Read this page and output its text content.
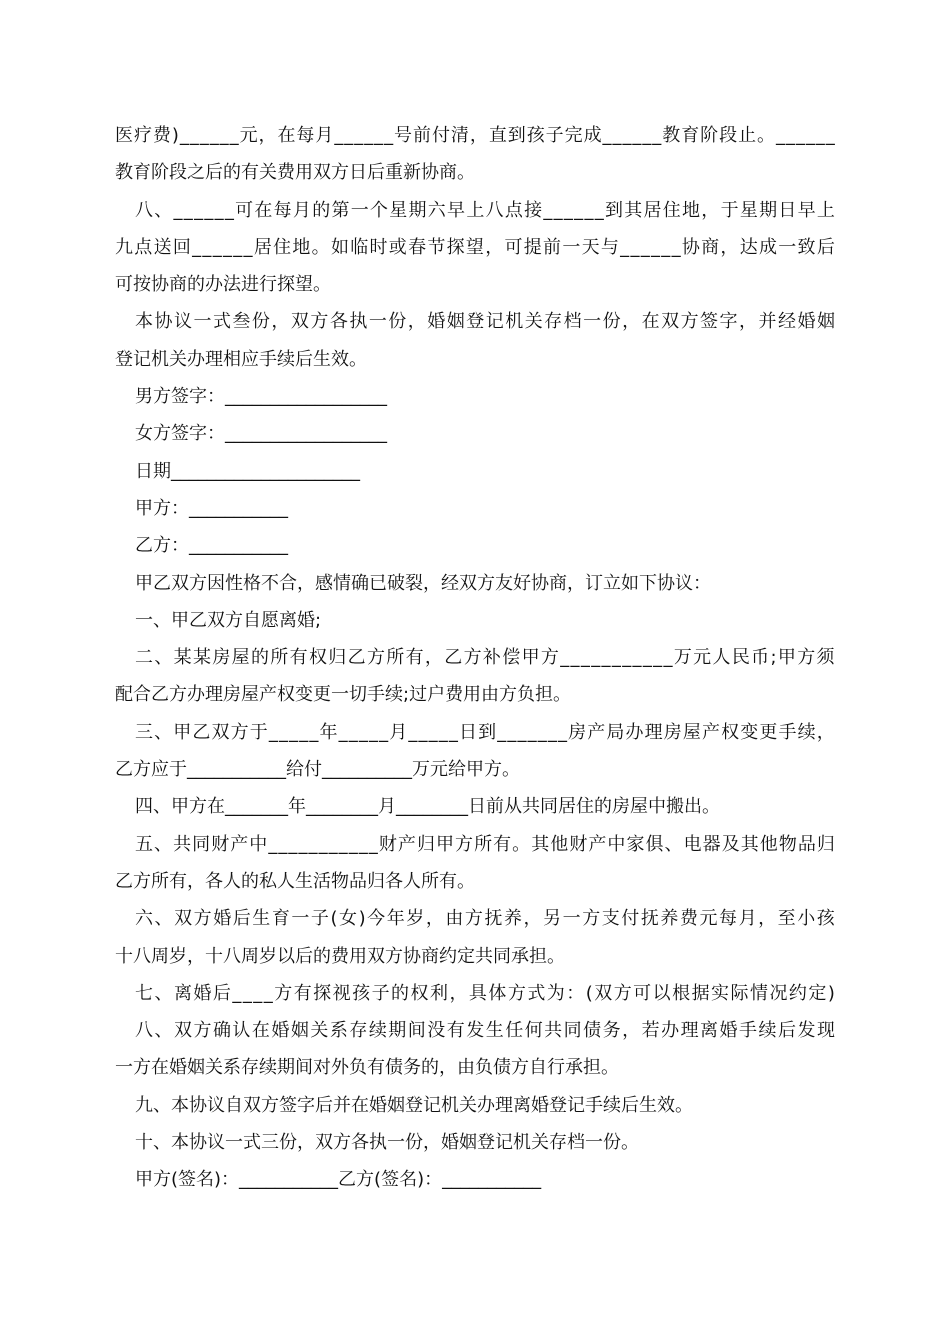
医 疗 费 ) _ _ _ _ _ _ 元 ， 在 每 月 _ _ _ _ _ _ 号 前 付 清 ， 直 到 孩 子 完 成 _ _ _ _ _ _ 教 育 阶 段 止 。 _ _ _ _ _ _
教育阶段之后的有关费用双方日后重新协商。
八 、 _ _ _ _ _ _ 可 在 每 月 的 第 一 个 星 期 六 早 上 八 点 接 _ _ _ _ _ _ 到 其 居 住 地 ， 于 星 期 日 早 上
九 点 送 回 _ _ _ _ _ _ 居 住 地 。 如 临 时 或 春 节 探 望 ， 可 提 前 一 天 与 _ _ _ _ _ _ 协 商 ， 达 成 一 致 后
可按协商的办法进行探望。
本 协 议 一 式 叁 份 ， 双 方 各 执 一 份 ， 婚 姻 登 记 机 关 存 档 一 份 ， 在 双 方 签 字 ， 并 经 婚 姻
登记机关办理相应手续后生效。
男方签字：__________________
女方签字：__________________
日期_____________________
甲方：___________
乙方：___________
甲乙双方因性格不合，感情确已破裂，经双方友好协商，订立如下协议：
一、甲乙双方自愿离婚;
二 、 某 某 房 屋 的 所 有 权 归 乙 方 所 有 ， 乙 方 补 偿 甲 方 _ _ _ _ _ _ _ _ _ _ _ 万 元 人 民 币 ; 甲 方 须
配合乙方办理房屋产权变更一切手续;过户费用由方负担。
三 、 甲 乙 双 方 于 _ _ _ _ _ 年 _ _ _ _ _ 月 _ _ _ _ _ 日 到 _ _ _ _ _ _ _ 房 产 局 办 理 房 屋 产 权 变 更 手 续 ，
乙方应于___________给付__________万元给甲方。
四、甲方在_______年________月________日前从共同居住的房屋中搬出。
五 、 共 同 财 产 中 _ _ _ _ _ _ _ _ _ _ _ 财 产 归 甲 方 所 有 。 其 他 财 产 中 家 俱 、 电 器 及 其 他 物 品 归
乙方所有，各人的私人生活物品归各人所有。
六 、 双 方 婚 后 生 育 一 子 ( 女 ) 今 年 岁 ， 由 方 抚 养 ， 另 一 方 支 付 抚 养 费 元 每 月 ， 至 小 孩
十八周岁，十八周岁以后的费用双方协商约定共同承担。
七 、 离 婚 后 _ _ _ _ 方 有 探 视 孩 子 的 权 利 ， 具 体 方 式 为 ： ( 双 方 可 以 根 据 实 际 情 况 约 定 )
八 、 双 方 确 认 在 婚 姻 关 系 存 续 期 间 没 有 发 生 任 何 共 同 债 务 ， 若 办 理 离 婚 手 续 后 发 现
一方在婚姻关系存续期间对外负有债务的，由负债方自行承担。
九、本协议自双方签字后并在婚姻登记机关办理离婚登记手续后生效。
十、本协议一式三份，双方各执一份，婚姻登记机关存档一份。
甲方(签名)：___________乙方(签名)：___________
